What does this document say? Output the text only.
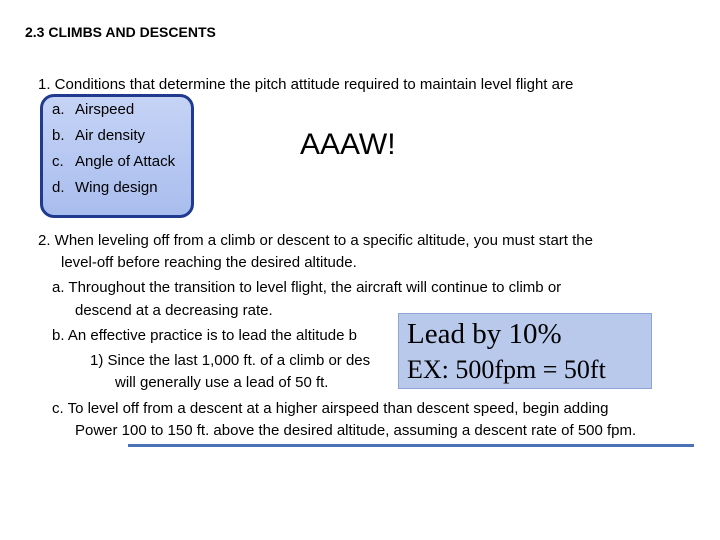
2.3 CLIMBS AND DESCENTS
1. Conditions that determine the pitch attitude required to maintain level flight are
a. Airspeed
b. Air density
c. Angle of Attack
d. Wing design
AAAW!
2. When leveling off from a climb or descent to a specific altitude, you must start the
level-off before reaching the desired altitude.
a. Throughout the transition to level flight, the aircraft will continue to climb or
descend at a decreasing rate.
b. An effective practice is to lead the altitude b
1) Since the last 1,000 ft. of a climb or des
will generally use a lead of 50 ft.
Lead by 10%
EX: 500fpm = 50ft
c. To level off from a descent at a higher airspeed than descent speed, begin adding
Power 100 to 150 ft. above the desired altitude, assuming a descent rate of 500 fpm.
